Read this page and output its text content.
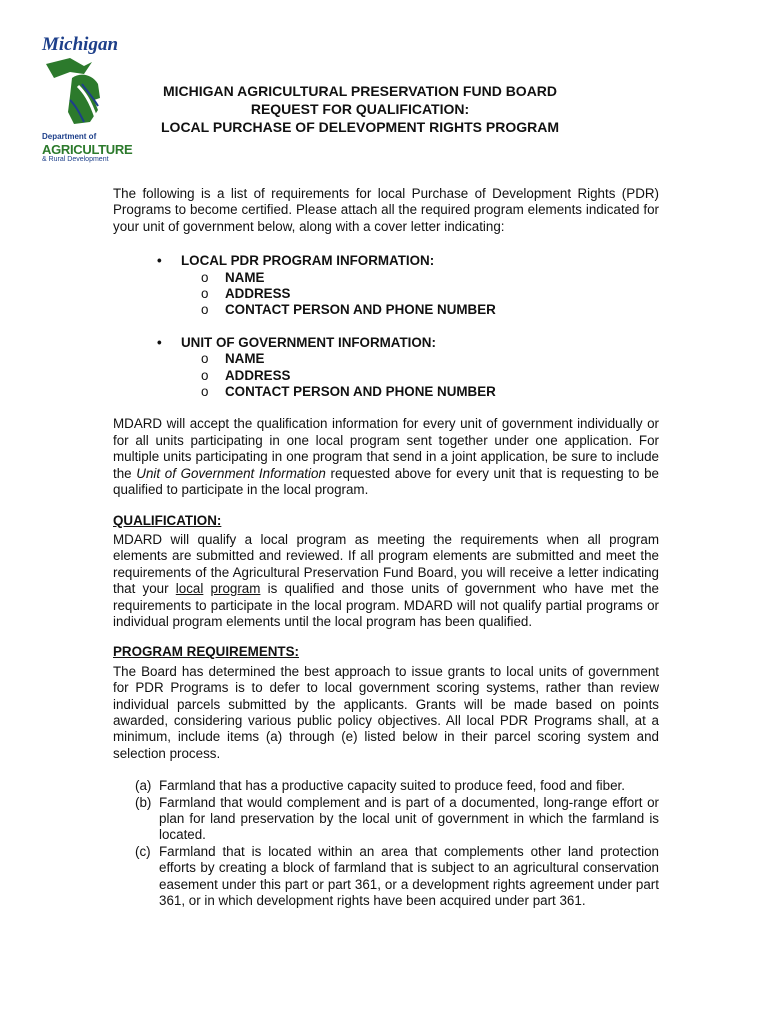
Michigan
Department of
AGRICULTURE
& Rural Development
MICHIGAN AGRICULTURAL PRESERVATION FUND BOARD
REQUEST FOR QUALIFICATION:
LOCAL PURCHASE OF DELEVOPMENT RIGHTS PROGRAM

The following is a list of requirements for local Purchase of Development Rights (PDR) Programs to become certified. Please attach all the required program elements indicated for your unit of government below, along with a cover letter indicating:

• LOCAL PDR PROGRAM INFORMATION:
o NAME
o ADDRESS
o CONTACT PERSON AND PHONE NUMBER
• UNIT OF GOVERNMENT INFORMATION:
o NAME
o ADDRESS
o CONTACT PERSON AND PHONE NUMBER

MDARD will accept the qualification information for every unit of government individually or for all units participating in one local program sent together under one application. For multiple units participating in one program that send in a joint application, be sure to include the Unit of Government Information requested above for every unit that is requesting to be qualified to participate in the local program.

QUALIFICATION:

MDARD will qualify a local program as meeting the requirements when all program elements are submitted and reviewed. If all program elements are submitted and meet the requirements of the Agricultural Preservation Fund Board, you will receive a letter indicating that your local program is qualified and those units of government who have met the requirements to participate in the local program. MDARD will not qualify partial programs or individual program elements until the local program has been qualified.

PROGRAM REQUIREMENTS:

The Board has determined the best approach to issue grants to local units of government for PDR Programs is to defer to local government scoring systems, rather than review individual parcels submitted by the applicants. Grants will be made based on points awarded, considering various public policy objectives. All local PDR Programs shall, at a minimum, include items (a) through (e) listed below in their parcel scoring system and selection process.

(a) Farmland that has a productive capacity suited to produce feed, food and fiber.
(b) Farmland that would complement and is part of a documented, long-range effort or plan for land preservation by the local unit of government in which the farmland is located.
(c) Farmland that is located within an area that complements other land protection efforts by creating a block of farmland that is subject to an agricultural conservation easement under this part or part 361, or a development rights agreement under part 361, or in which development rights have been acquired under part 361.
